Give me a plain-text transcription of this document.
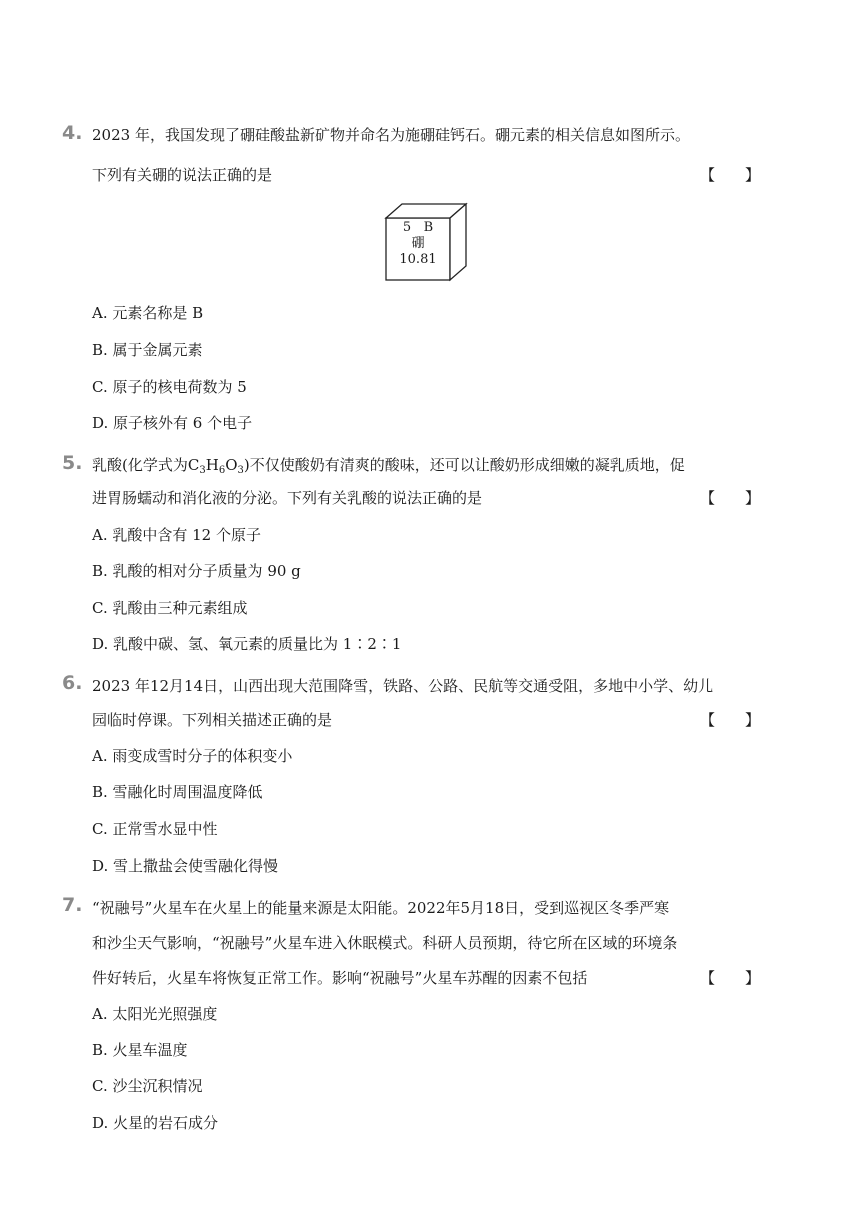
4. 2023 年，我国发现了硼硅酸盐新矿物并命名为施硼硅钙石。硼元素的相关信息如图所示。
下列有关硼的说法正确的是	【　　】
5 B
硼
10.81
A. 元素名称是 B
B. 属于金属元素
C. 原子的核电荷数为 5
D. 原子核外有 6 个电子
5. 乳酸(化学式为$C_3H_6O_3$)不仅使酸奶有清爽的酸味，还可以让酸奶形成细嫩的凝乳质地，促
进胃肠蠕动和消化液的分泌。下列有关乳酸的说法正确的是	【　　】
A. 乳酸中含有 12 个原子
B. 乳酸的相对分子质量为 90 g
C. 乳酸由三种元素组成
D. 乳酸中碳、氢、氧元素的质量比为 1∶2∶1
6. 2023 年12月14日，山西出现大范围降雪，铁路、公路、民航等交通受阻，多地中小学、幼儿
园临时停课。下列相关描述正确的是	【　　】
A. 雨变成雪时分子的体积变小
B. 雪融化时周围温度降低
C. 正常雪水显中性
D. 雪上撒盐会使雪融化得慢
7. “祝融号”火星车在火星上的能量来源是太阳能。2022年5月18日，受到巡视区冬季严寒
和沙尘天气影响，“祝融号”火星车进入休眠模式。科研人员预期，待它所在区域的环境条
件好转后，火星车将恢复正常工作。影响“祝融号”火星车苏醒的因素不包括	【　　】
A. 太阳光光照强度
B. 火星车温度
C. 沙尘沉积情况
D. 火星的岩石成分
